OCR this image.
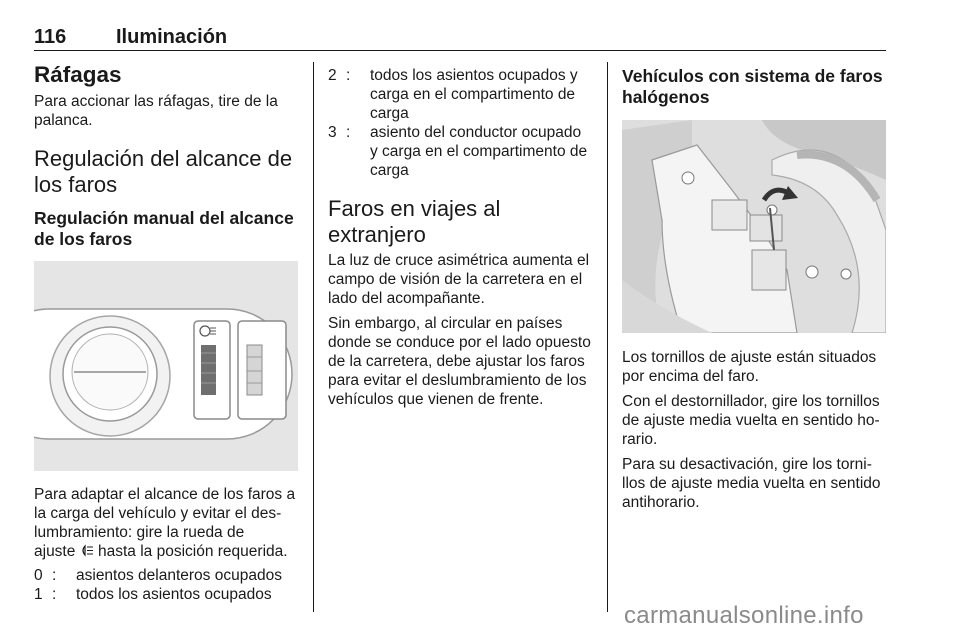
116 Iluminación
Ráfagas

Para accionar las ráfagas, tire de la palanca.

Regulación del alcance de los faros
Regulación manual del alcance de los faros

Para adaptar el alcance de los faros a la carga del vehículo y evitar el deslumbramiento: gire la rueda de
ajuste hasta la posición requerida.

0 : asientos delanteros ocupados
1 : todos los asientos ocupados
2 : todos los asientos ocupados y carga en el compartimento de carga
3 : asiento del conductor ocupado y carga en el compartimento de carga
Faros en viajes al extranjero

La luz de cruce asimétrica aumenta el campo de visión de la carretera en el lado del acompañante.

Sin embargo, al circular en países donde se conduce por el lado opuesto de la carretera, debe ajustar los faros para evitar el deslumbramiento de los vehículos que vienen de frente.

Vehículos con sistema de faros halógenos

Los tornillos de ajuste están situados por encima del faro.

Con el destornillador, gire los tornillos de ajuste media vuelta en sentido horario.

Para su desactivación, gire los tornillos de ajuste media vuelta en sentido antihorario.

carmanualsonline.info
